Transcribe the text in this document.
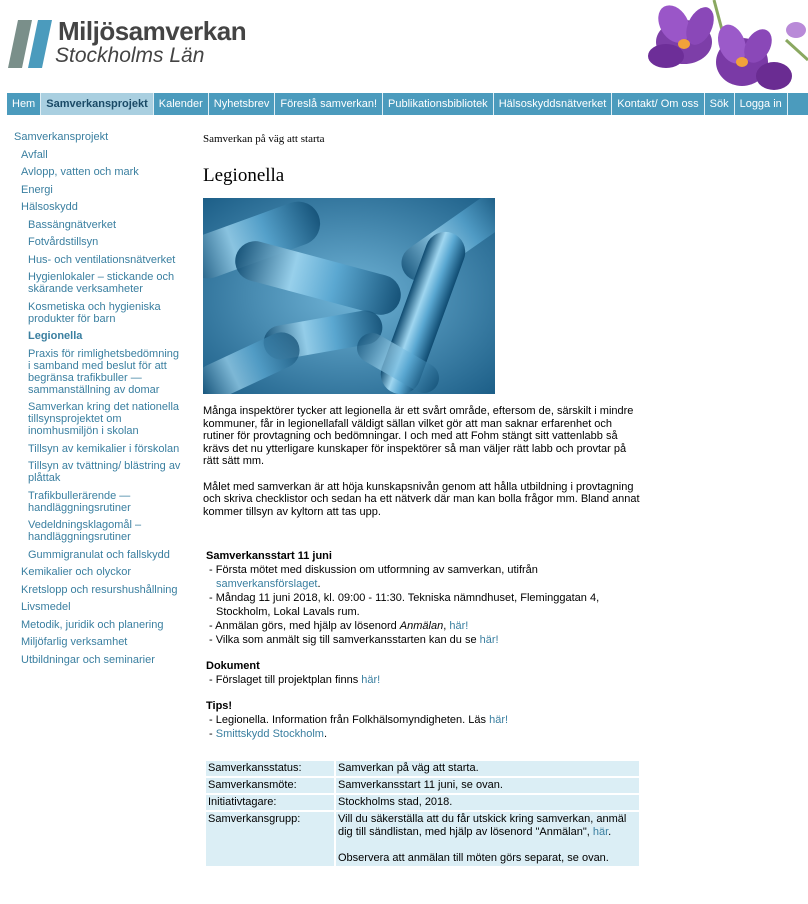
Miljösamverkan
Stockholms Län
Hem	Samverkansprojekt	Kalender	Nyhetsbrev	Föreslå samverkan!	Publikationsbibliotek	Hälsoskyddsnätverket	Kontakt/ Om oss	Sök	Logga in
Samverkansprojekt
Avfall
Avlopp, vatten och mark
Energi
Hälsoskydd
Bassängnätverket
Fotvårdstillsyn
Hus- och ventilationsnätverket
Hygienlokaler – stickande och skärande verksamheter
Kosmetiska och hygieniska produkter för barn
Legionella
Praxis för rimlighetsbedömning i samband med beslut för att begränsa trafikbuller — sammanställning av domar
Samverkan kring det nationella tillsynsprojektet om inomhusmiljön i skolan
Tillsyn av kemikalier i förskolan
Tillsyn av tvättning/ blästring av plåttak
Trafikbullerärende — handläggningsrutiner
Vedeldningsklagomål – handläggningsrutiner
Gummigranulat och fallskydd
Kemikalier och olyckor
Kretslopp och resurshushållning
Livsmedel
Metodik, juridik och planering
Miljöfarlig verksamhet
Utbildningar och seminarier
Samverkan på väg att starta
Legionella

Många inspektörer tycker att legionella är ett svårt område, eftersom de, särskilt i mindre kommuner, får in legionellafall väldigt sällan vilket gör att man saknar erfarenhet och rutiner för provtagning och bedömningar. I och med att Fohm stängt sitt vattenlabb så krävs det nu ytterligare kunskaper för inspektörer så man väljer rätt labb och provtar på rätt sätt mm.

Målet med samverkan är att höja kunskapsnivån genom att hålla utbildning i provtagning och skriva checklistor och sedan ha ett nätverk där man kan bolla frågor mm. Bland annat kommer tillsyn av kyltorn att tas upp.

Samverkansstart 11 juni
- Första mötet med diskussion om utformning av samverkan, utifrån samverkansförslaget.
- Måndag 11 juni 2018, kl. 09:00 - 11:30. Tekniska nämndhuset, Fleminggatan 4, Stockholm, Lokal Lavals rum.
- Anmälan görs, med hjälp av lösenord Anmälan, här!
- Vilka som anmält sig till samverkansstarten kan du se här!
Dokument
- Förslaget till projektplan finns här!
Tips!
- Legionella. Information från Folkhälsomyndigheten. Läs här!
- Smittskydd Stockholm.
Samverkansstatus:	Samverkan på väg att starta.
Samverkansmöte:	Samverkansstart 11 juni, se ovan.
Initiativtagare:	Stockholms stad, 2018.
Samverkansgrupp:	Vill du säkerställa att du får utskick kring samverkan, anmäl dig till sändlistan, med hjälp av lösenord "Anmälan", här.

Observera att anmälan till möten görs separat, se ovan.
